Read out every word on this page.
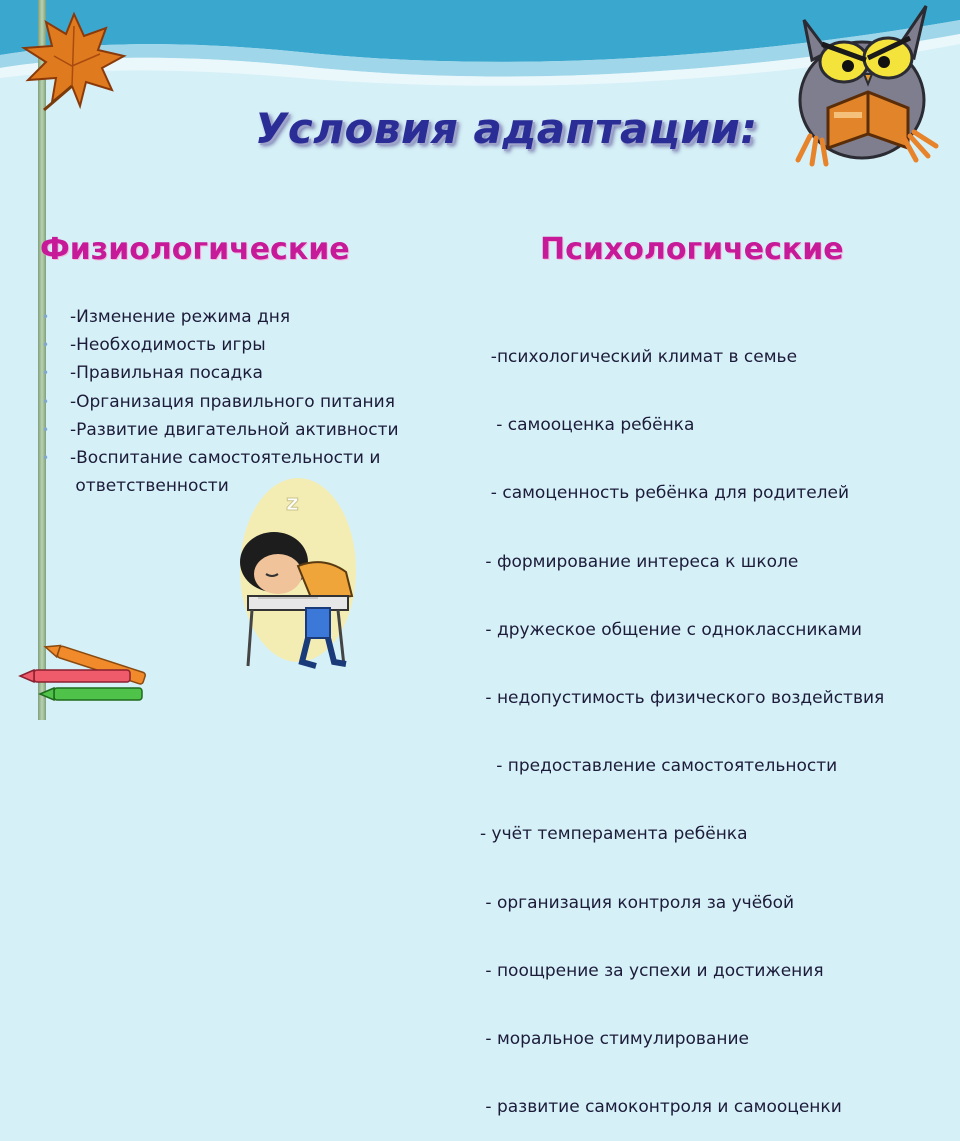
z
Условия адаптации:
Физиологические	Психологические
•
•
•
•
•
•
-Изменение режима дня
-Необходимость игры
-Правильная посадка
-Организация правильного питания
-Развитие двигательной активности
-Воспитание самостоятельности и
ответственности

-психологический климат в семье

- самооценка ребёнка

- самоценность ребёнка для родителей

- формирование интереса к школе

- дружеское общение с одноклассниками

- недопустимость физического воздействия

- предоставление самостоятельности

- учёт темперамента ребёнка

- организация контроля за учёбой

- поощрение за успехи и достижения

- моральное стимулирование

- развитие самоконтроля и самооценки
